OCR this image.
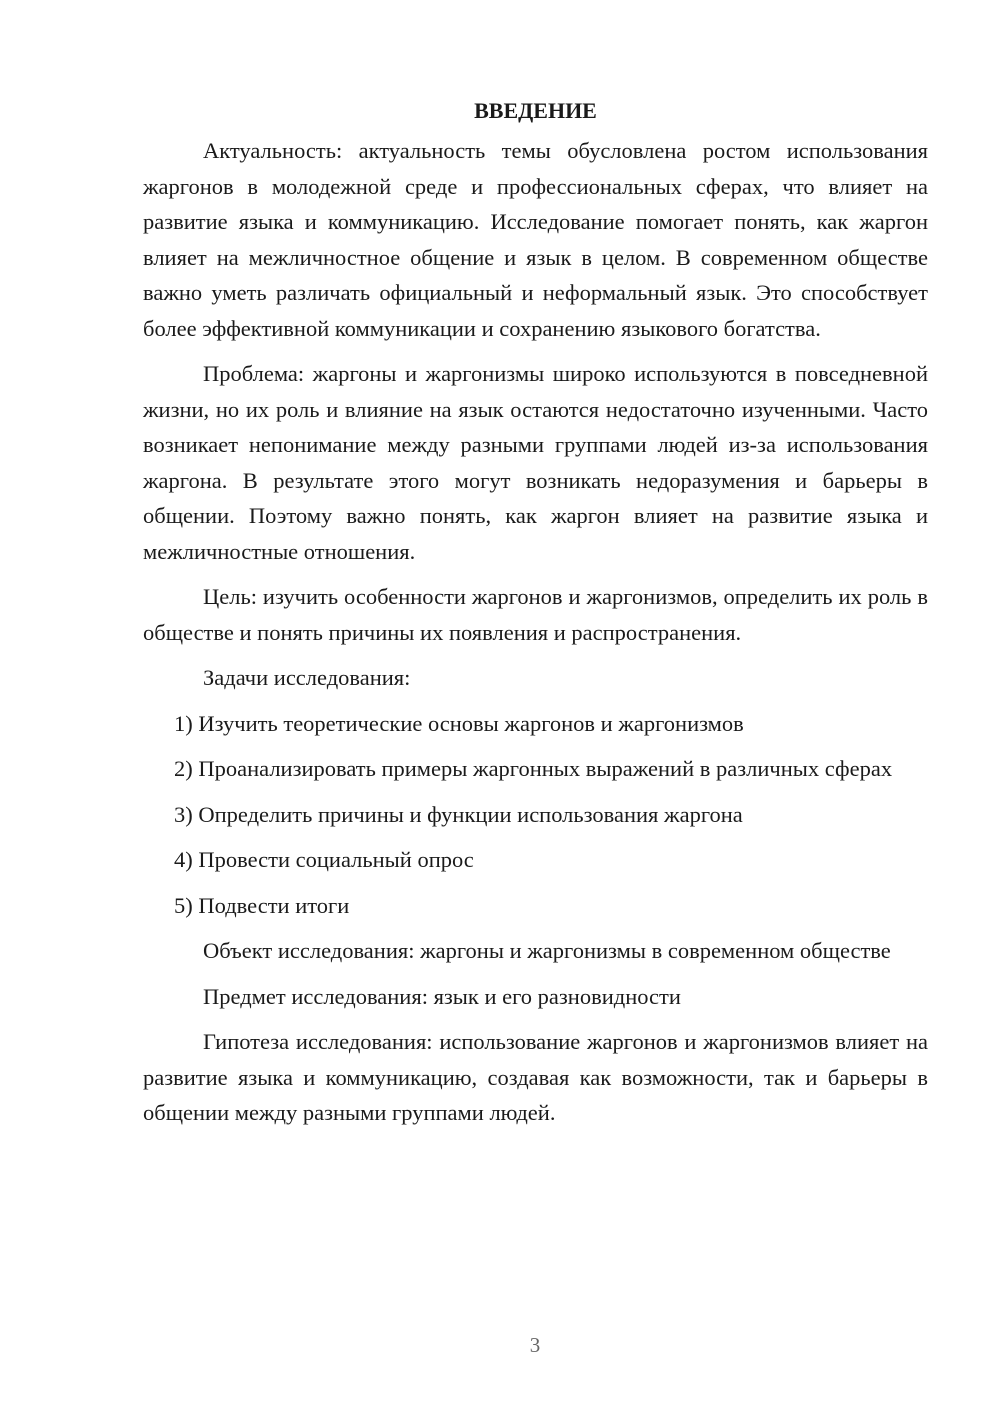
ВВЕДЕНИЕ

Актуальность: актуальность темы обусловлена ростом использования жаргонов в молодежной среде и профессиональных сферах, что влияет на развитие языка и коммуникацию. Исследование помогает понять, как жаргон влияет на межличностное общение и язык в целом. В современном обществе важно уметь различать официальный и неформальный язык. Это способствует более эффективной коммуникации и сохранению языкового богатства.

Проблема: жаргоны и жаргонизмы широко используются в повседневной жизни, но их роль и влияние на язык остаются недостаточно изученными. Часто возникает непонимание между разными группами людей из-за использования жаргона. В результате этого могут возникать недоразумения и барьеры в общении. Поэтому важно понять, как жаргон влияет на развитие языка и межличностные отношения.

Цель: изучить особенности жаргонов и жаргонизмов, определить их роль в обществе и понять причины их появления и распространения.

Задачи исследования:

1) Изучить теоретические основы жаргонов и жаргонизмов

2) Проанализировать примеры жаргонных выражений в различных сферах

3) Определить причины и функции использования жаргона

4) Провести социальный опрос

5) Подвести итоги

Объект исследования: жаргоны и жаргонизмы в современном обществе

Предмет исследования: язык и его разновидности

Гипотеза исследования: использование жаргонов и жаргонизмов влияет на развитие языка и коммуникацию, создавая как возможности, так и барьеры в общении между разными группами людей.

3
